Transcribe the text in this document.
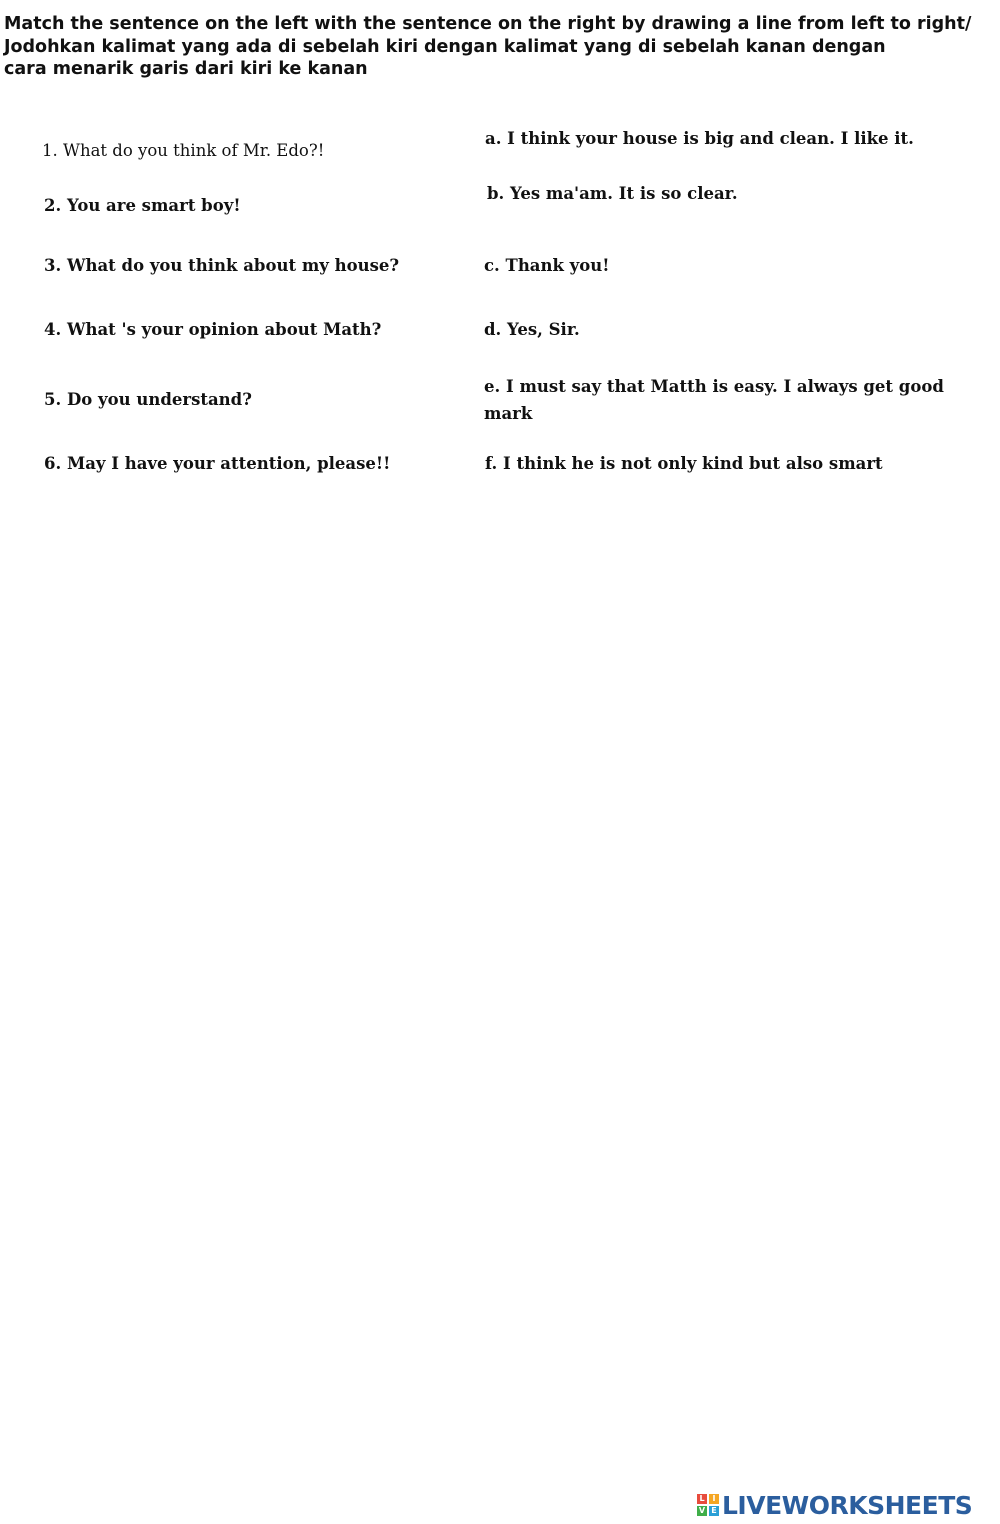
Match the sentence on the left with the sentence on the right by drawing a line from left to right/
Jodohkan kalimat yang ada di sebelah kiri dengan kalimat yang di sebelah kanan dengan
cara menarik garis dari kiri ke kanan
1. What do you think of Mr. Edo?!
2. You are smart boy!
3. What do you think about my house?
4. What 's your opinion about Math?
5. Do you understand?
6. May I have your attention, please!!
a. I think your house is big and clean. I like it.
b. Yes ma'am. It is so clear.
c. Thank you!
d. Yes, Sir.
e. I must say that Matth is easy. I always get good mark
f. I think he is not only kind but also smart
L I
V E LIVEWORKSHEETS
